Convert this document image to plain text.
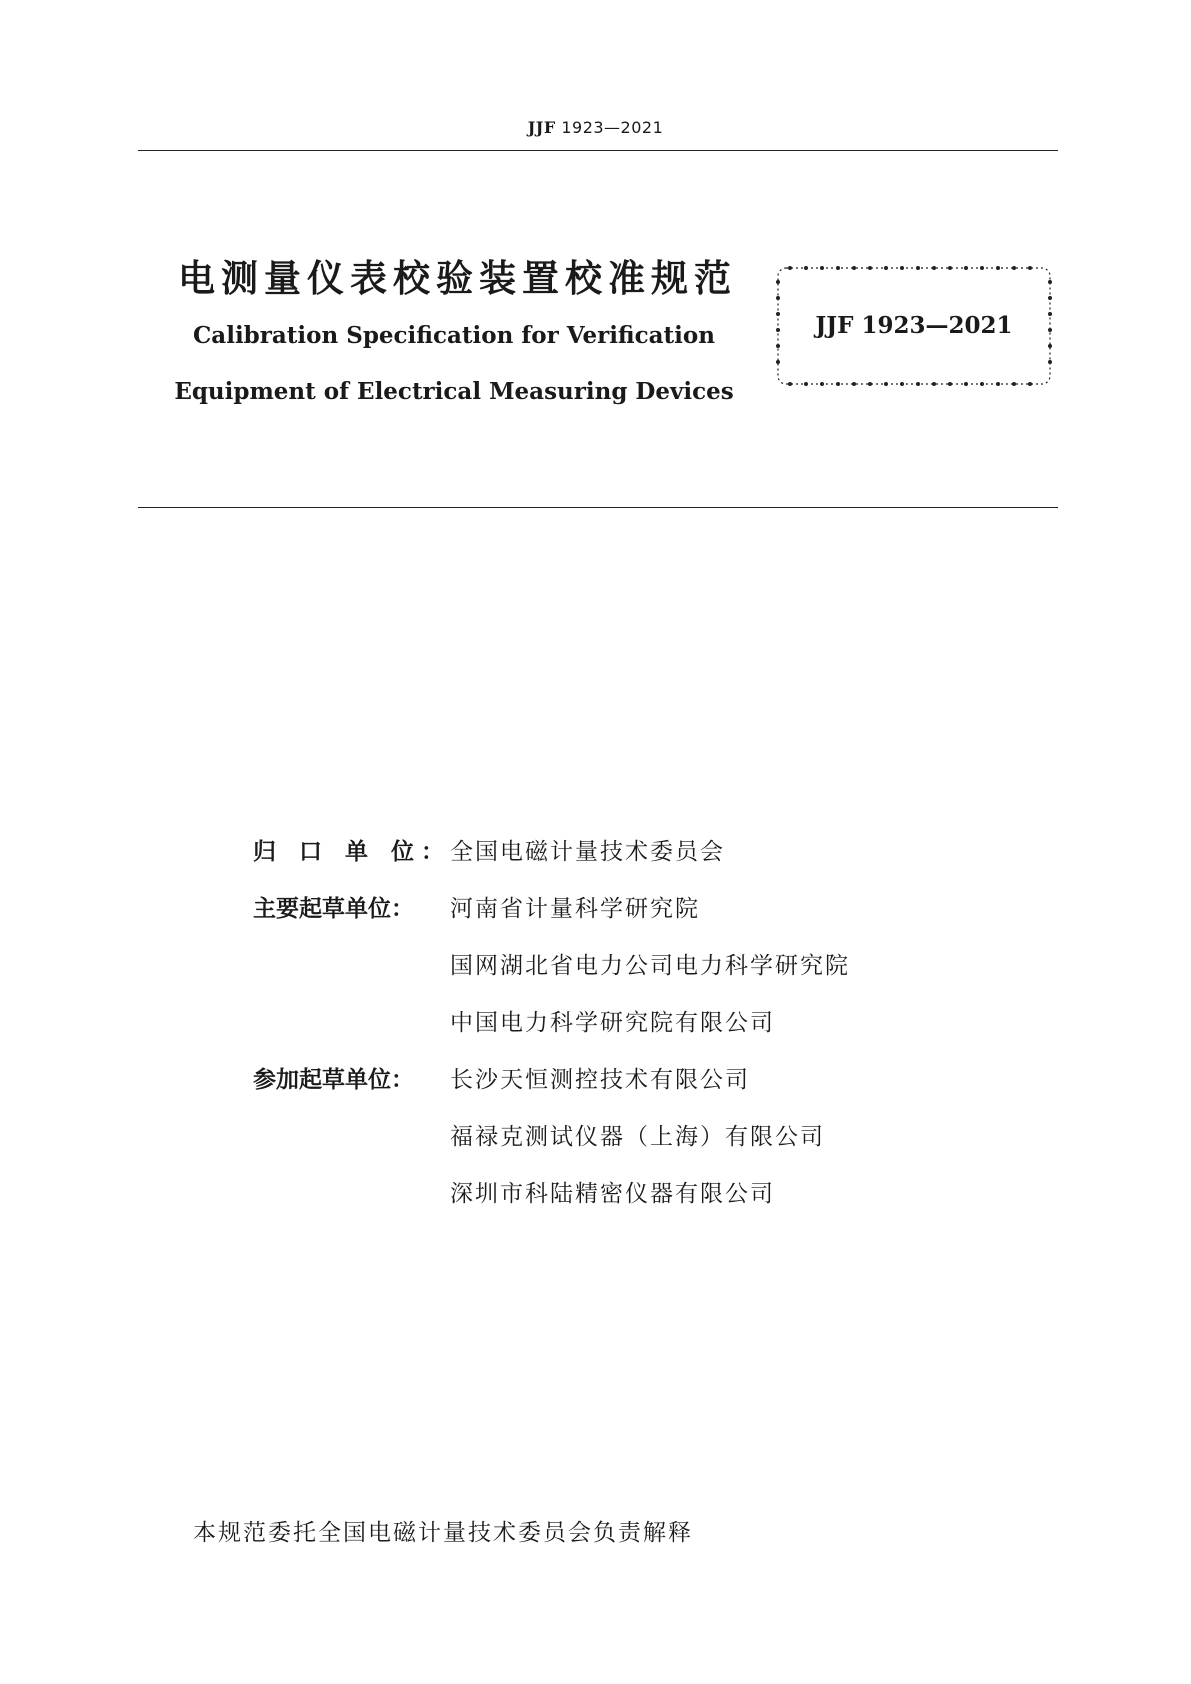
JJF 1923—2021
电测量仪表校验装置校准规范
Calibration Specification for Verification
Equipment of Electrical Measuring Devices
JJF 1923—2021
归 口 单 位 ： 全国电磁计量技术委员会
主要起草单位： 河南省计量科学研究院
国网湖北省电力公司电力科学研究院
中国电力科学研究院有限公司
参加起草单位： 长沙天恒测控技术有限公司
福禄克测试仪器（上海）有限公司
深圳市科陆精密仪器有限公司
本规范委托全国电磁计量技术委员会负责解释
